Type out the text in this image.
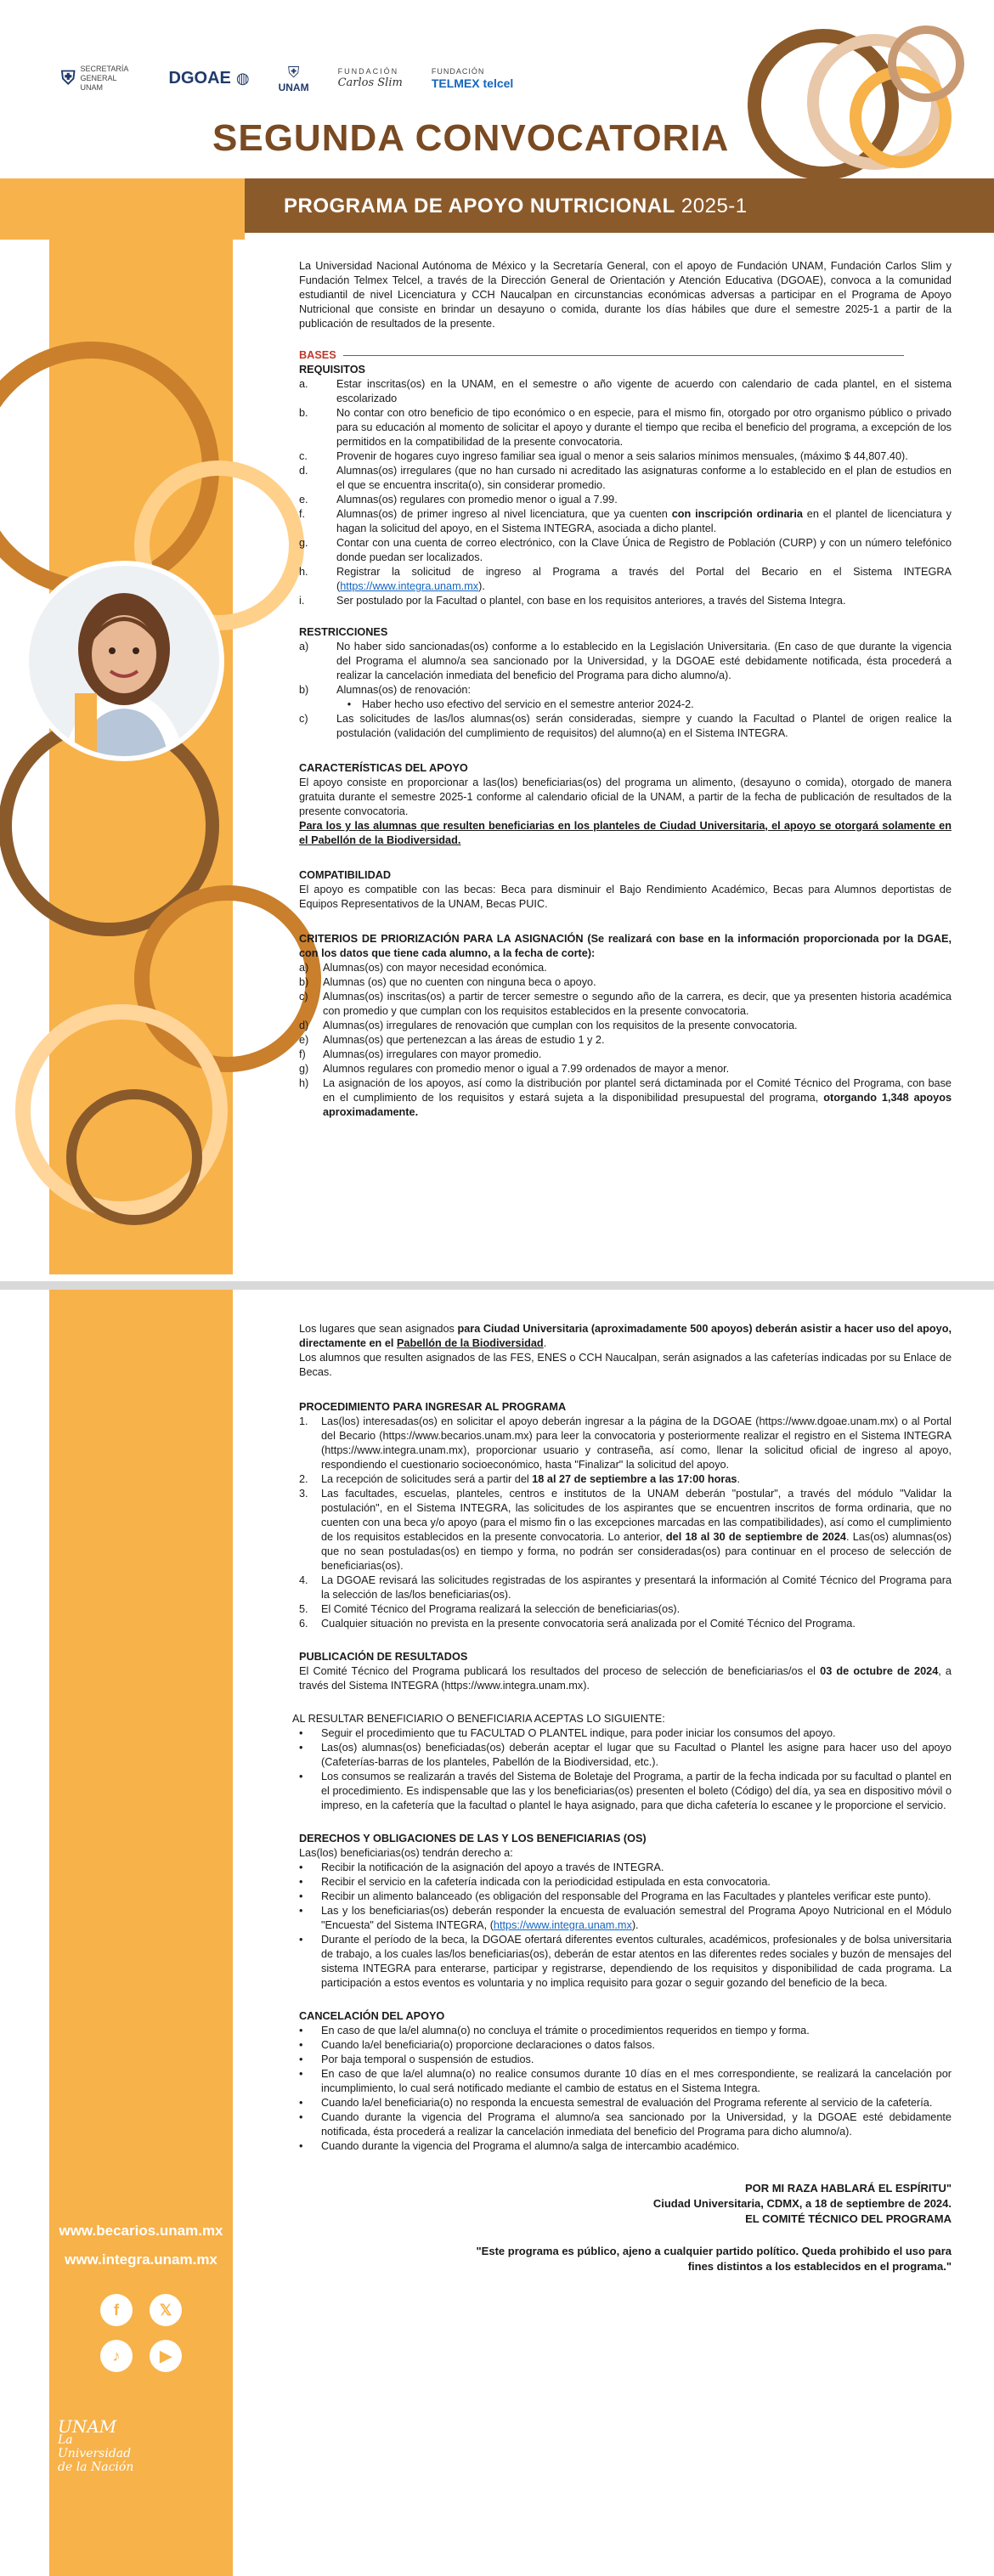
⛨ SECRETARÍA GENERAL UNAM	DGOAE ◍	⛨
UNAM
FUNDACIÓN
Carlos Slim
FUNDACIÓN
TELMEX telcel
SEGUNDA CONVOCATORIA
PROGRAMA DE APOYO NUTRICIONAL 2025-1

La Universidad Nacional Autónoma de México y la Secretaría General, con el apoyo de Fundación UNAM, Fundación Carlos Slim y Fundación Telmex Telcel, a través de la Dirección General de Orientación y Atención Educativa (DGOAE), convoca a la comunidad estudiantil de nivel Licenciatura y CCH Naucalpan en circunstancias económicas adversas a participar en el Programa de Apoyo Nutricional que consiste en brindar un desayuno o comida, durante los días hábiles que dure el semestre 2025-1 a partir de la publicación de resultados de la presente.

BASES
REQUISITOS
a.	Estar inscritas(os) en la UNAM, en el semestre o año vigente de acuerdo con calendario de cada plantel, en el sistema escolarizado
b.	No contar con otro beneficio de tipo económico o en especie, para el mismo fin, otorgado por otro organismo público o privado para su educación al momento de solicitar el apoyo y durante el tiempo que reciba el beneficio del programa, a excepción de los permitidos en la compatibilidad de la presente convocatoria.
c.	Provenir de hogares cuyo ingreso familiar sea igual o menor a seis salarios mínimos mensuales, (máximo $ 44,807.40).
d.	Alumnas(os) irregulares (que no han cursado ni acreditado las asignaturas conforme a lo establecido en el plan de estudios en el que se encuentra inscrita(o), sin considerar promedio.
e.	Alumnas(os) regulares con promedio menor o igual a 7.99.
f.	Alumnas(os) de primer ingreso al nivel licenciatura, que ya cuenten con inscripción ordinaria en el plantel de licenciatura y hagan la solicitud del apoyo, en el Sistema INTEGRA, asociada a dicho plantel.
g.	Contar con una cuenta de correo electrónico, con la Clave Única de Registro de Población (CURP) y con un número telefónico donde puedan ser localizados.
h.	Registrar la solicitud de ingreso al Programa a través del Portal del Becario en el Sistema INTEGRA (https://www.integra.unam.mx).
i.	Ser postulado por la Facultad o plantel, con base en los requisitos anteriores, a través del Sistema Integra.
RESTRICCIONES
a)	No haber sido sancionadas(os) conforme a lo establecido en la Legislación Universitaria. (En caso de que durante la vigencia del Programa el alumno/a sea sancionado por la Universidad, y la DGOAE esté debidamente notificada, ésta procederá a realizar la cancelación inmediata del beneficio del Programa para dicho alumno/a).
b)	Alumnas(os) de renovación:
•	Haber hecho uso efectivo del servicio en el semestre anterior 2024-2.
c)	Las solicitudes de las/los alumnas(os) serán consideradas, siempre y cuando la Facultad o Plantel de origen realice la postulación (validación del cumplimiento de requisitos) del alumno(a) en el Sistema INTEGRA.
CARACTERÍSTICAS DEL APOYO

El apoyo consiste en proporcionar a las(los) beneficiarias(os) del programa un alimento, (desayuno o comida), otorgado de manera gratuita durante el semestre 2025-1 conforme al calendario oficial de la UNAM, a partir de la fecha de publicación de resultados de la presente convocatoria.

Para los y las alumnas que resulten beneficiarias en los planteles de Ciudad Universitaria, el apoyo se otorgará solamente en el Pabellón de la Biodiversidad.

COMPATIBILIDAD

El apoyo es compatible con las becas: Beca para disminuir el Bajo Rendimiento Académico, Becas para Alumnos deportistas de Equipos Representativos de la UNAM, Becas PUIC.

CRITERIOS DE PRIORIZACIÓN PARA LA ASIGNACIÓN (Se realizará con base en la información proporcionada por la DGAE, con los datos que tiene cada alumno, a la fecha de corte):
a)	Alumnas(os) con mayor necesidad económica.
b)	Alumnas (os) que no cuenten con ninguna beca o apoyo.
c)	Alumnas(os) inscritas(os) a partir de tercer semestre o segundo año de la carrera, es decir, que ya presenten historia académica con promedio y que cumplan con los requisitos establecidos en la presente convocatoria.
d)	Alumnas(os) irregulares de renovación que cumplan con los requisitos de la presente convocatoria.
e)	Alumnas(os) que pertenezcan a las áreas de estudio 1 y 2.
f)	Alumnas(os) irregulares con mayor promedio.
g)	Alumnos regulares con promedio menor o igual a 7.99 ordenados de mayor a menor.
h)	La asignación de los apoyos, así como la distribución por plantel será dictaminada por el Comité Técnico del Programa, con base en el cumplimiento de los requisitos y estará sujeta a la disponibilidad presupuestal del programa, otorgando 1,348 apoyos aproximadamente.
www.becarios.unam.mx
www.integra.unam.mx
f	𝕏
♪	▶
UNAM
La Universidad de la Nación

Los lugares que sean asignados para Ciudad Universitaria (aproximadamente 500 apoyos) deberán asistir a hacer uso del apoyo, directamente en el Pabellón de la Biodiversidad.

Los alumnos que resulten asignados de las FES, ENES o CCH Naucalpan, serán asignados a las cafeterías indicadas por su Enlace de Becas.

PROCEDIMIENTO PARA INGRESAR AL PROGRAMA
1.	Las(los) interesadas(os) en solicitar el apoyo deberán ingresar a la página de la DGOAE (https://www.dgoae.unam.mx) o al Portal del Becario (https://www.becarios.unam.mx) para leer la convocatoria y posteriormente realizar el registro en el Sistema INTEGRA (https://www.integra.unam.mx), proporcionar usuario y contraseña, así como, llenar la solicitud oficial de ingreso al apoyo, respondiendo el cuestionario socioeconómico, hasta "Finalizar" la solicitud del apoyo.
2.	La recepción de solicitudes será a partir del 18 al 27 de septiembre a las 17:00 horas.
3.	Las facultades, escuelas, planteles, centros e institutos de la UNAM deberán "postular", a través del módulo "Validar la postulación", en el Sistema INTEGRA, las solicitudes de los aspirantes que se encuentren inscritos de forma ordinaria, que no cuenten con una beca y/o apoyo (para el mismo fin o las excepciones marcadas en las compatibilidades), así como el cumplimiento de los requisitos establecidos en la presente convocatoria. Lo anterior, del 18 al 30 de septiembre de 2024. Las(os) alumnas(os) que no sean postuladas(os) en tiempo y forma, no podrán ser consideradas(os) para continuar en el proceso de selección de beneficiarias(os).
4.	La DGOAE revisará las solicitudes registradas de los aspirantes y presentará la información al Comité Técnico del Programa para la selección de las/los beneficiarias(os).
5.	El Comité Técnico del Programa realizará la selección de beneficiarias(os).
6.	Cualquier situación no prevista en la presente convocatoria será analizada por el Comité Técnico del Programa.
PUBLICACIÓN DE RESULTADOS

El Comité Técnico del Programa publicará los resultados del proceso de selección de beneficiarias/os el 03 de octubre de 2024, a través del Sistema INTEGRA (https://www.integra.unam.mx).

AL RESULTAR BENEFICIARIO O BENEFICIARIA ACEPTAS LO SIGUIENTE:
•	Seguir el procedimiento que tu FACULTAD O PLANTEL indique, para poder iniciar los consumos del apoyo.
•	Las(os) alumnas(os) beneficiadas(os) deberán aceptar el lugar que su Facultad o Plantel les asigne para hacer uso del apoyo (Cafeterías-barras de los planteles, Pabellón de la Biodiversidad, etc.).
•	Los consumos se realizarán a través del Sistema de Boletaje del Programa, a partir de la fecha indicada por su facultad o plantel en el procedimiento. Es indispensable que las y los beneficiarias(os) presenten el boleto (Código) del día, ya sea en dispositivo móvil o impreso, en la cafetería que la facultad o plantel le haya asignado, para que dicha cafetería lo escanee y le proporcione el servicio.
DERECHOS Y OBLIGACIONES DE LAS Y LOS BENEFICIARIAS (OS)
Las(los) beneficiarias(os) tendrán derecho a:
•	Recibir la notificación de la asignación del apoyo a través de INTEGRA.
•	Recibir el servicio en la cafetería indicada con la periodicidad estipulada en esta convocatoria.
•	Recibir un alimento balanceado (es obligación del responsable del Programa en las Facultades y planteles verificar este punto).
•	Las y los beneficiarias(os) deberán responder la encuesta de evaluación semestral del Programa Apoyo Nutricional en el Módulo "Encuesta" del Sistema INTEGRA, (https://www.integra.unam.mx).
•	Durante el período de la beca, la DGOAE ofertará diferentes eventos culturales, académicos, profesionales y de bolsa universitaria de trabajo, a los cuales las/los beneficiarias(os), deberán de estar atentos en las diferentes redes sociales y buzón de mensajes del sistema INTEGRA para enterarse, participar y registrarse, dependiendo de los requisitos y disponibilidad de cada programa. La participación a estos eventos es voluntaria y no implica requisito para gozar o seguir gozando del beneficio de la beca.
CANCELACIÓN DEL APOYO
•	En caso de que la/el alumna(o) no concluya el trámite o procedimientos requeridos en tiempo y forma.
•	Cuando la/el beneficiaria(o) proporcione declaraciones o datos falsos.
•	Por baja temporal o suspensión de estudios.
•	En caso de que la/el alumna(o) no realice consumos durante 10 días en el mes correspondiente, se realizará la cancelación por incumplimiento, lo cual será notificado mediante el cambio de estatus en el Sistema Integra.
•	Cuando la/el beneficiaria(o) no responda la encuesta semestral de evaluación del Programa referente al servicio de la cafetería.
•	Cuando durante la vigencia del Programa el alumno/a sea sancionado por la Universidad, y la DGOAE esté debidamente notificada, ésta procederá a realizar la cancelación inmediata del beneficio del Programa para dicho alumno/a).
•	Cuando durante la vigencia del Programa el alumno/a salga de intercambio académico.
POR MI RAZA HABLARÁ EL ESPÍRITU"
Ciudad Universitaria, CDMX, a 18 de septiembre de 2024.
EL COMITÉ TÉCNICO DEL PROGRAMA
"Este programa es público, ajeno a cualquier partido político. Queda prohibido el uso para fines distintos a los establecidos en el programa."
